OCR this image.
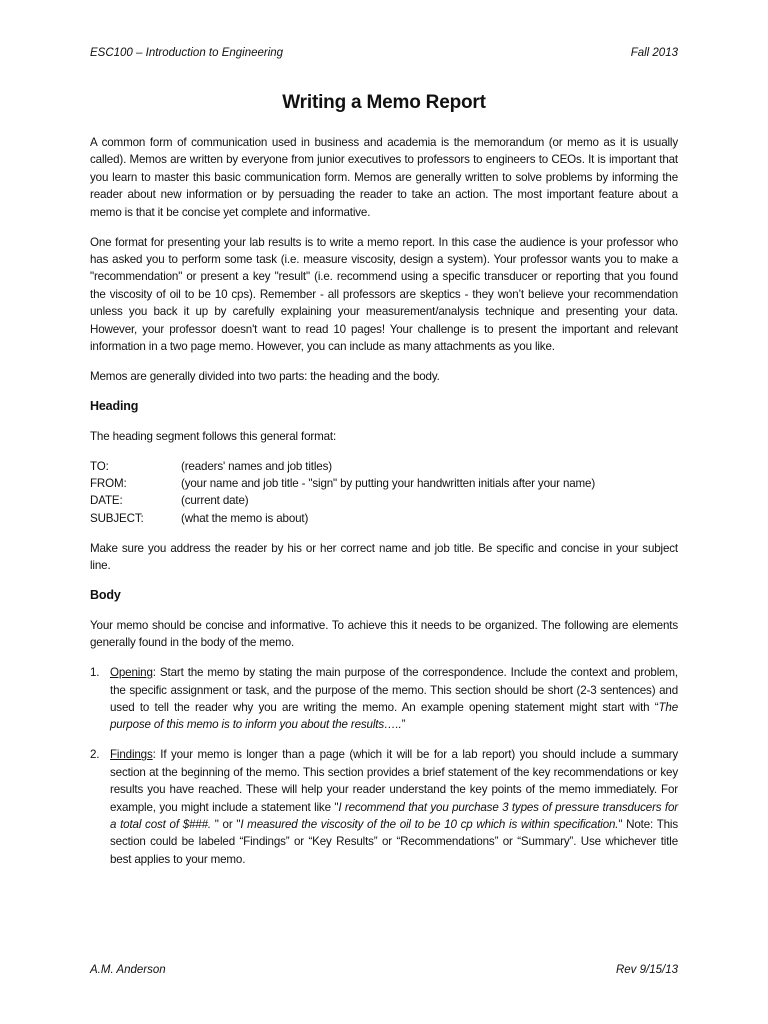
ESC100 – Introduction to Engineering	Fall 2013
Writing a Memo Report

A common form of communication used in business and academia is the memorandum (or memo as it is usually called). Memos are written by everyone from junior executives to professors to engineers to CEOs. It is important that you learn to master this basic communication form. Memos are generally written to solve problems by informing the reader about new information or by persuading the reader to take an action. The most important feature about a memo is that it be concise yet complete and informative.

One format for presenting your lab results is to write a memo report. In this case the audience is your professor who has asked you to perform some task (i.e. measure viscosity, design a system). Your professor wants you to make a "recommendation" or present a key "result" (i.e. recommend using a specific transducer or reporting that you found the viscosity of oil to be 10 cps). Remember - all professors are skeptics - they won’t believe your recommendation unless you back it up by carefully explaining your measurement/analysis technique and presenting your data. However, your professor doesn't want to read 10 pages! Your challenge is to present the important and relevant information in a two page memo. However, you can include as many attachments as you like.

Memos are generally divided into two parts: the heading and the body.

Heading

The heading segment follows this general format:

TO:	(readers' names and job titles)
FROM:	(your name and job title - "sign" by putting your handwritten initials after your name)
DATE:	(current date)
SUBJECT:	(what the memo is about)

Make sure you address the reader by his or her correct name and job title. Be specific and concise in your subject line.

Body

Your memo should be concise and informative. To achieve this it needs to be organized. The following are elements generally found in the body of the memo.

1. Opening: Start the memo by stating the main purpose of the correspondence. Include the context and problem, the specific assignment or task, and the purpose of the memo. This section should be short (2-3 sentences) and used to tell the reader why you are writing the memo. An example opening statement might start with “The purpose of this memo is to inform you about the results…..”
2. Findings: If your memo is longer than a page (which it will be for a lab report) you should include a summary section at the beginning of the memo. This section provides a brief statement of the key recommendations or key results you have reached. These will help your reader understand the key points of the memo immediately. For example, you might include a statement like "I recommend that you purchase 3 types of pressure transducers for a total cost of $###. " or "I measured the viscosity of the oil to be 10 cp which is within specification." Note: This section could be labeled “Findings” or “Key Results” or “Recommendations” or “Summary”. Use whichever title best applies to your memo.
A.M. Anderson	Rev 9/15/13
